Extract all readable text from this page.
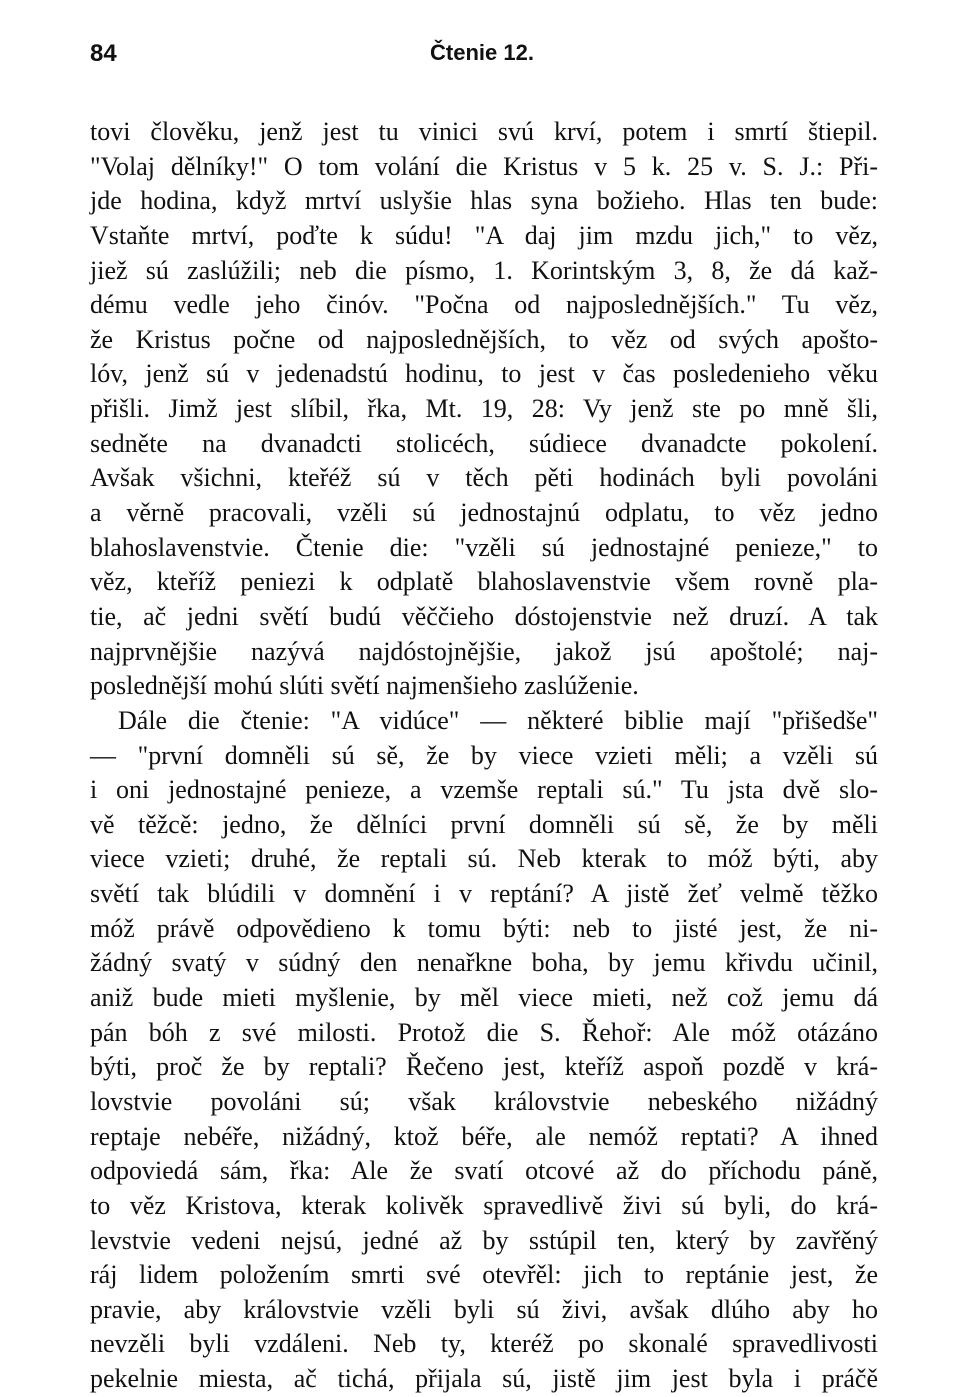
84	Čtenie 12.
tovi člověku, jenž jest tu vinici svú krví, potem i smrtí štiepil.
"Volaj dělníky!" O tom volání die Kristus v 5 k. 25 v. S. J.: Při-
jde hodina, když mrtví uslyšie hlas syna božieho. Hlas ten bude:
Vstaňte mrtví, poďte k súdu! "A daj jim mzdu jich," to věz,
jiež sú zaslúžili; neb die písmo, 1. Korintským 3, 8, že dá kaž-
dému vedle jeho činóv. "Počna od najposlednějších." Tu věz,
že Kristus počne od najposlednějších, to věz od svých apošto-
lóv, jenž sú v jedenadstú hodinu, to jest v čas posledenieho věku
přišli. Jimž jest slíbil, řka, Mt. 19, 28: Vy jenž ste po mně šli,
sedněte na dvanadcti stolicéch, súdiece dvanadcte pokolení.
Avšak všichni, kteřéž sú v těch pěti hodinách byli povoláni
a věrně pracovali, vzěli sú jednostajnú odplatu, to věz jedno
blahoslavenstvie. Čtenie die: "vzěli sú jednostajné penieze," to
věz, kteříž peniezi k odplatě blahoslavenstvie všem rovně pla-
tie, ač jedni světí budú věččieho dóstojenstvie než druzí. A tak
najprvnějšie nazývá najdóstojnějšie, jakož jsú apoštolé; naj-
poslednější mohú slúti světí najmenšieho zaslúženie.
Dále die čtenie: "A vidúce" — některé biblie mají "přišedše"
— "první domněli sú sě, že by viece vzieti měli; a vzěli sú
i oni jednostajné penieze, a vzemše reptali sú." Tu jsta dvě slo-
vě těžcě: jedno, že dělníci první domněli sú sě, že by měli
viece vzieti; druhé, že reptali sú. Neb kterak to móž býti, aby
světí tak blúdili v domnění i v reptání? A jistě žeť velmě těžko
móž právě odpovědieno k tomu býti: neb to jisté jest, že ni-
žádný svatý v súdný den nenařkne boha, by jemu křivdu učinil,
aniž bude mieti myšlenie, by měl viece mieti, než což jemu dá
pán bóh z své milosti. Protož die S. Řehoř: Ale móž otázáno
býti, proč že by reptali? Řečeno jest, kteříž aspoň pozdě v krá-
lovstvie povoláni sú; však královstvie nebeského nižádný
reptaje nebéře, nižádný, ktož béře, ale nemóž reptati? A ihned
odpoviedá sám, řka: Ale že svatí otcové až do příchodu páně,
to věz Kristova, kterak kolivěk spravedlivě živi sú byli, do krá-
levstvie vedeni nejsú, jedné až by sstúpil ten, který by zavřěný
ráj lidem položením smrti své otevřěl: jich to reptánie jest, že
pravie, aby královstvie vzěli byli sú živi, avšak dlúho aby ho
nevzěli byli vzdáleni. Neb ty, kteréž po skonalé spravedlivosti
pekelnie miesta, ač tichá, přijala sú, jistě jim jest byla i práčě
